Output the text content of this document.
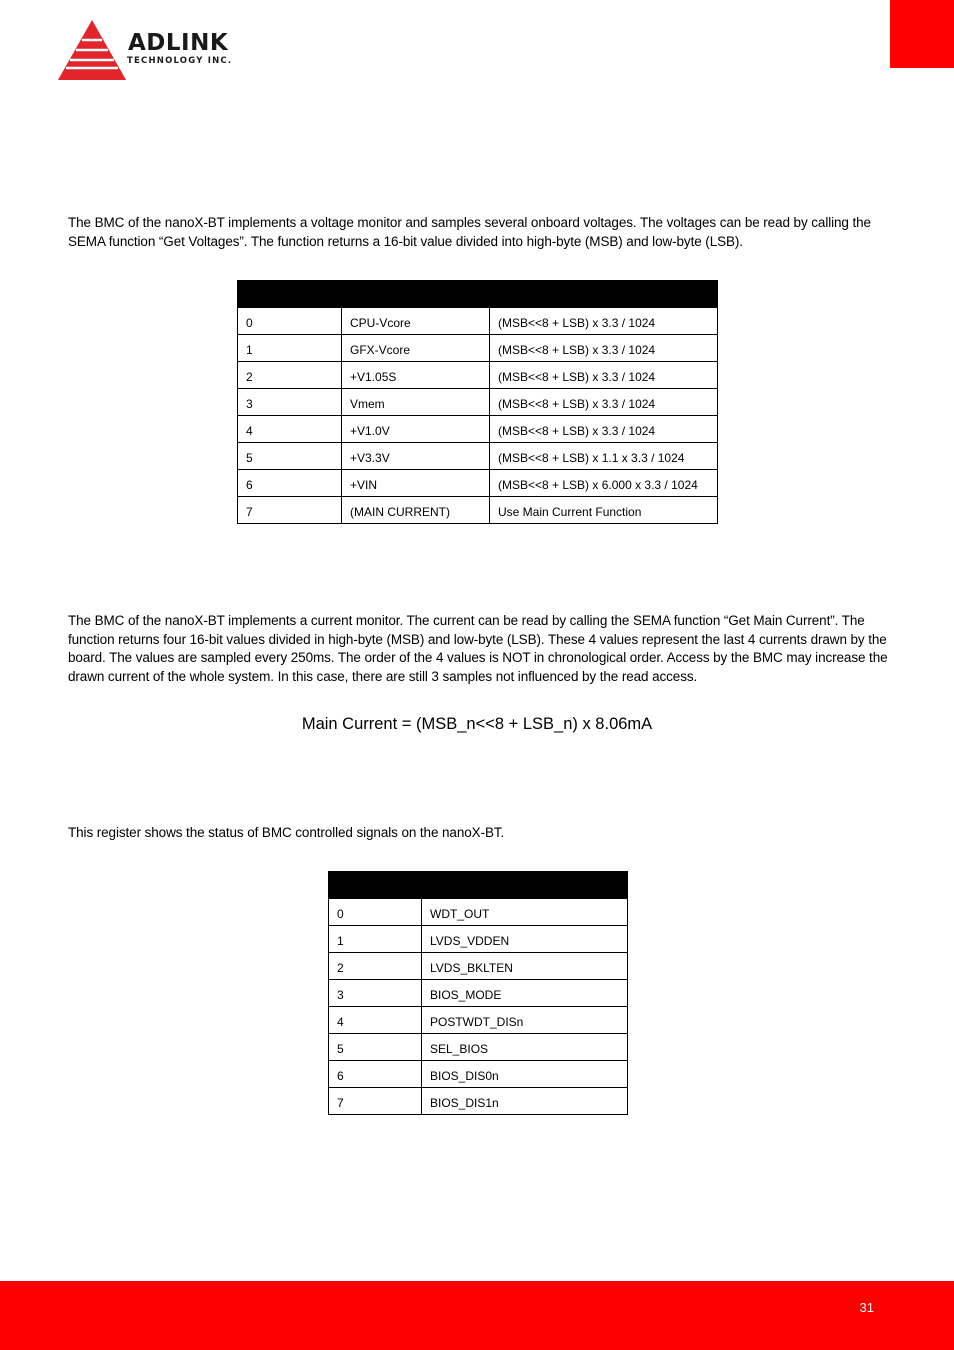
ADLINK
TECHNOLOGY INC.

The BMC of the nanoX-BT implements a voltage monitor and samples several onboard voltages. The voltages can be read by calling the SEMA function “Get Voltages”. The function returns a 16-bit value divided into high-byte (MSB) and low-byte (LSB).

0	CPU-Vcore	(MSB<<8 + LSB) x 3.3 / 1024
1	GFX-Vcore	(MSB<<8 + LSB) x 3.3 / 1024
2	+V1.05S	(MSB<<8 + LSB) x 3.3 / 1024
3	Vmem	(MSB<<8 + LSB) x 3.3 / 1024
4	+V1.0V	(MSB<<8 + LSB) x 3.3 / 1024
5	+V3.3V	(MSB<<8 + LSB) x 1.1 x 3.3 / 1024
6	+VIN	(MSB<<8 + LSB) x 6.000 x 3.3 / 1024
7	(MAIN CURRENT)	Use Main Current Function

The BMC of the nanoX-BT implements a current monitor. The current can be read by calling the SEMA function “Get Main Current”. The function returns four 16-bit values divided in high-byte (MSB) and low-byte (LSB). These 4 values represent the last 4 currents drawn by the board. The values are sampled every 250ms. The order of the 4 values is NOT in chronological order. Access by the BMC may increase the drawn current of the whole system. In this case, there are still 3 samples not influenced by the read access.

Main Current = (MSB_n<<8 + LSB_n) x 8.06mA

This register shows the status of BMC controlled signals on the nanoX-BT.

0	WDT_OUT
1	LVDS_VDDEN
2	LVDS_BKLTEN
3	BIOS_MODE
4	POSTWDT_DISn
5	SEL_BIOS
6	BIOS_DIS0n
7	BIOS_DIS1n
31
